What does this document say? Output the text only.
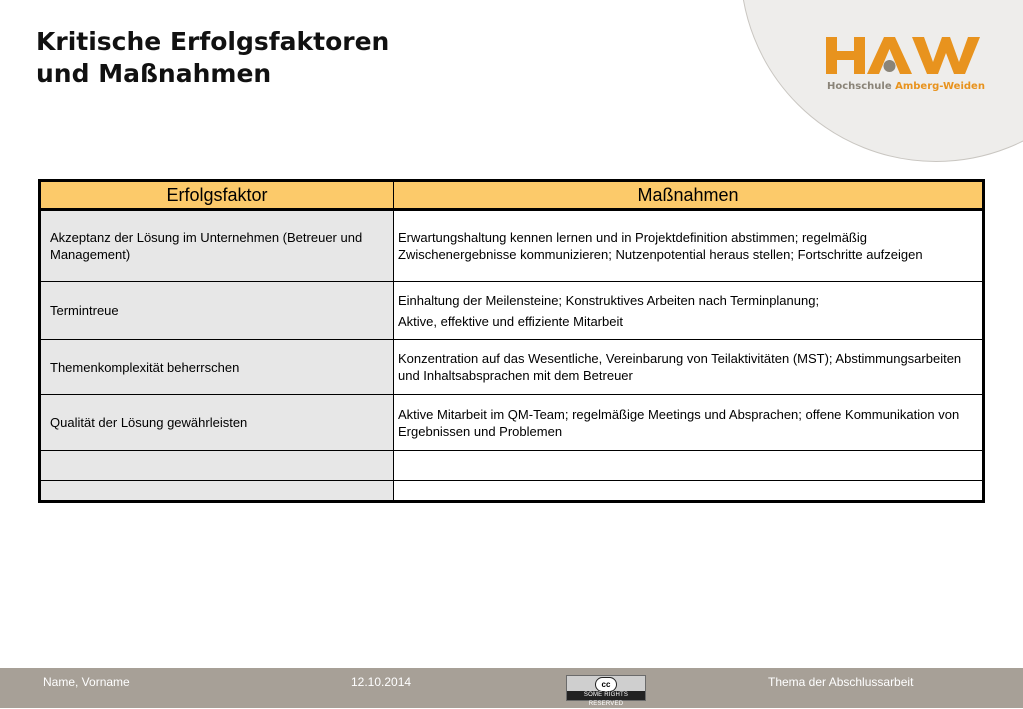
Kritische Erfolgsfaktoren
und Maßnahmen	Hochschule Amberg-Weiden
Erfolgsfaktor	Maßnahmen
Akzeptanz der Lösung im Unternehmen (Betreuer und Management)	Erwartungshaltung kennen lernen und in Projektdefinition abstimmen; regelmäßig Zwischenergebnisse kommunizieren; Nutzenpotential heraus stellen; Fortschritte aufzeigen
Termintreue	Einhaltung der Meilensteine; Konstruktives Arbeiten nach Terminplanung;
Aktive, effektive und effiziente Mitarbeit

Themenkomplexität beherrschen	Konzentration auf das Wesentliche, Vereinbarung von Teilaktivitäten (MST); Abstimmungsarbeiten und Inhaltsabsprachen mit dem Betreuer
Qualität der Lösung gewährleisten	Aktive Mitarbeit im QM-Team; regelmäßige Meetings und Absprachen; offene Kommunikation von Ergebnissen und Problemen

Name, Vorname	12.10.2014	cc
SOME RIGHTS RESERVED
Thema der Abschlussarbeit
